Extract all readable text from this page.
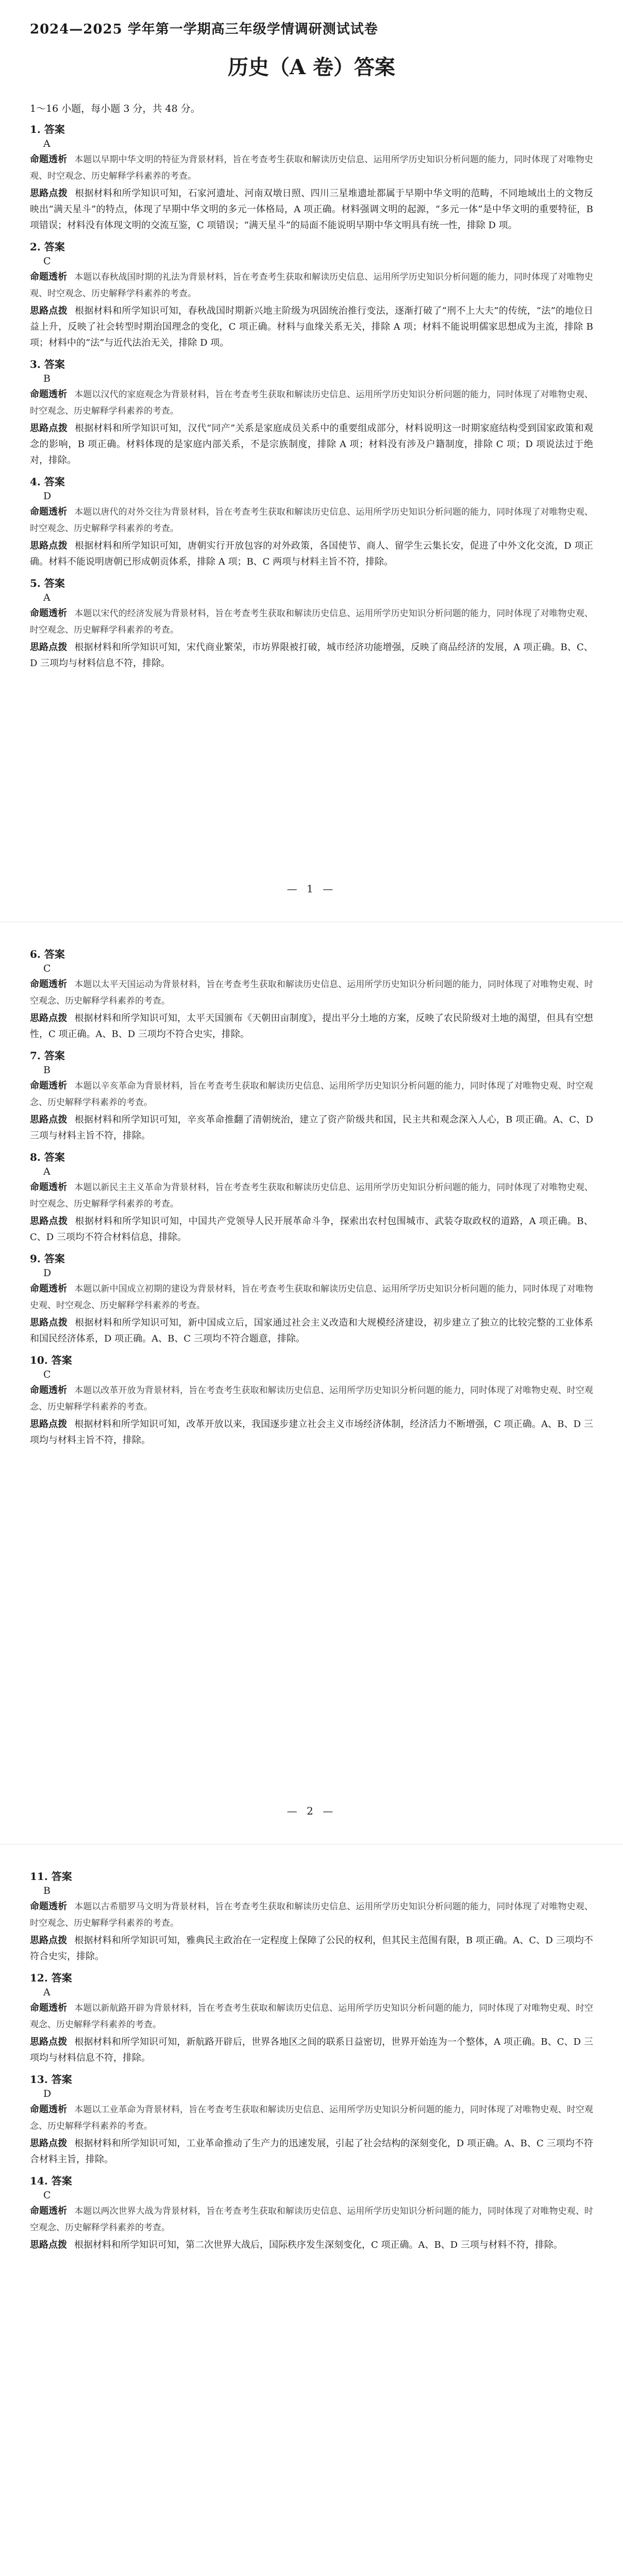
2024—2025 学年第一学期高三年级学情调研测试试卷
历史（A 卷）答案
1～16 小题，每小题 3 分，共 48 分。
1. 答案
A
命题透析 本题以早期中华文明的特征为背景材料，旨在考查考生获取和解读历史信息、运用所学历史知识分析问题的能力，同时体现了对唯物史观、时空观念、历史解释学科素养的考查。
思路点拨 根据材料和所学知识可知，石家河遗址、河南双墩日照、四川三星堆遗址都属于早期中华文明的范畴，不同地域出土的文物反映出“满天星斗”的特点，体现了早期中华文明的多元一体格局，A 项正确。材料强调文明的起源，“多元一体”是中华文明的重要特征，B 项错误；材料没有体现文明的交流互鉴，C 项错误；“满天星斗”的局面不能说明早期中华文明具有统一性，排除 D 项。
2. 答案
C
命题透析 本题以春秋战国时期的礼法为背景材料，旨在考查考生获取和解读历史信息、运用所学历史知识分析问题的能力，同时体现了对唯物史观、时空观念、历史解释学科素养的考查。
思路点拨 根据材料和所学知识可知，春秋战国时期新兴地主阶级为巩固统治推行变法，逐渐打破了“刑不上大夫”的传统，“法”的地位日益上升，反映了社会转型时期治国理念的变化，C 项正确。材料与血缘关系无关，排除 A 项；材料不能说明儒家思想成为主流，排除 B 项；材料中的“法”与近代法治无关，排除 D 项。
3. 答案
B
命题透析 本题以汉代的家庭观念为背景材料，旨在考查考生获取和解读历史信息、运用所学历史知识分析问题的能力，同时体现了对唯物史观、时空观念、历史解释学科素养的考查。
思路点拨 根据材料和所学知识可知，汉代“同产”关系是家庭成员关系中的重要组成部分，材料说明这一时期家庭结构受到国家政策和观念的影响，B 项正确。材料体现的是家庭内部关系，不是宗族制度，排除 A 项；材料没有涉及户籍制度，排除 C 项；D 项说法过于绝对，排除。
4. 答案
D
命题透析 本题以唐代的对外交往为背景材料，旨在考查考生获取和解读历史信息、运用所学历史知识分析问题的能力，同时体现了对唯物史观、时空观念、历史解释学科素养的考查。
思路点拨 根据材料和所学知识可知，唐朝实行开放包容的对外政策，各国使节、商人、留学生云集长安，促进了中外文化交流，D 项正确。材料不能说明唐朝已形成朝贡体系，排除 A 项；B、C 两项与材料主旨不符，排除。
5. 答案
A
命题透析 本题以宋代的经济发展为背景材料，旨在考查考生获取和解读历史信息、运用所学历史知识分析问题的能力，同时体现了对唯物史观、时空观念、历史解释学科素养的考查。
思路点拨 根据材料和所学知识可知，宋代商业繁荣，市坊界限被打破，城市经济功能增强，反映了商品经济的发展，A 项正确。B、C、D 三项均与材料信息不符，排除。
— 1 —
6. 答案
C
命题透析 本题以太平天国运动为背景材料，旨在考查考生获取和解读历史信息、运用所学历史知识分析问题的能力，同时体现了对唯物史观、时空观念、历史解释学科素养的考查。
思路点拨 根据材料和所学知识可知，太平天国颁布《天朝田亩制度》，提出平分土地的方案，反映了农民阶级对土地的渴望，但具有空想性，C 项正确。A、B、D 三项均不符合史实，排除。
7. 答案
B
命题透析 本题以辛亥革命为背景材料，旨在考查考生获取和解读历史信息、运用所学历史知识分析问题的能力，同时体现了对唯物史观、时空观念、历史解释学科素养的考查。
思路点拨 根据材料和所学知识可知，辛亥革命推翻了清朝统治，建立了资产阶级共和国，民主共和观念深入人心，B 项正确。A、C、D 三项与材料主旨不符，排除。
8. 答案
A
命题透析 本题以新民主主义革命为背景材料，旨在考查考生获取和解读历史信息、运用所学历史知识分析问题的能力，同时体现了对唯物史观、时空观念、历史解释学科素养的考查。
思路点拨 根据材料和所学知识可知，中国共产党领导人民开展革命斗争，探索出农村包围城市、武装夺取政权的道路，A 项正确。B、C、D 三项均不符合材料信息，排除。
9. 答案
D
命题透析 本题以新中国成立初期的建设为背景材料，旨在考查考生获取和解读历史信息、运用所学历史知识分析问题的能力，同时体现了对唯物史观、时空观念、历史解释学科素养的考查。
思路点拨 根据材料和所学知识可知，新中国成立后，国家通过社会主义改造和大规模经济建设，初步建立了独立的比较完整的工业体系和国民经济体系，D 项正确。A、B、C 三项均不符合题意，排除。
10. 答案
C
命题透析 本题以改革开放为背景材料，旨在考查考生获取和解读历史信息、运用所学历史知识分析问题的能力，同时体现了对唯物史观、时空观念、历史解释学科素养的考查。
思路点拨 根据材料和所学知识可知，改革开放以来，我国逐步建立社会主义市场经济体制，经济活力不断增强，C 项正确。A、B、D 三项均与材料主旨不符，排除。
— 2 —
11. 答案
B
命题透析 本题以古希腊罗马文明为背景材料，旨在考查考生获取和解读历史信息、运用所学历史知识分析问题的能力，同时体现了对唯物史观、时空观念、历史解释学科素养的考查。
思路点拨 根据材料和所学知识可知，雅典民主政治在一定程度上保障了公民的权利，但其民主范围有限，B 项正确。A、C、D 三项均不符合史实，排除。
12. 答案
A
命题透析 本题以新航路开辟为背景材料，旨在考查考生获取和解读历史信息、运用所学历史知识分析问题的能力，同时体现了对唯物史观、时空观念、历史解释学科素养的考查。
思路点拨 根据材料和所学知识可知，新航路开辟后，世界各地区之间的联系日益密切，世界开始连为一个整体，A 项正确。B、C、D 三项均与材料信息不符，排除。
13. 答案
D
命题透析 本题以工业革命为背景材料，旨在考查考生获取和解读历史信息、运用所学历史知识分析问题的能力，同时体现了对唯物史观、时空观念、历史解释学科素养的考查。
思路点拨 根据材料和所学知识可知，工业革命推动了生产力的迅速发展，引起了社会结构的深刻变化，D 项正确。A、B、C 三项均不符合材料主旨，排除。
14. 答案
C
命题透析 本题以两次世界大战为背景材料，旨在考查考生获取和解读历史信息、运用所学历史知识分析问题的能力，同时体现了对唯物史观、时空观念、历史解释学科素养的考查。
思路点拨 根据材料和所学知识可知，第二次世界大战后，国际秩序发生深刻变化，C 项正确。A、B、D 三项与材料不符，排除。
